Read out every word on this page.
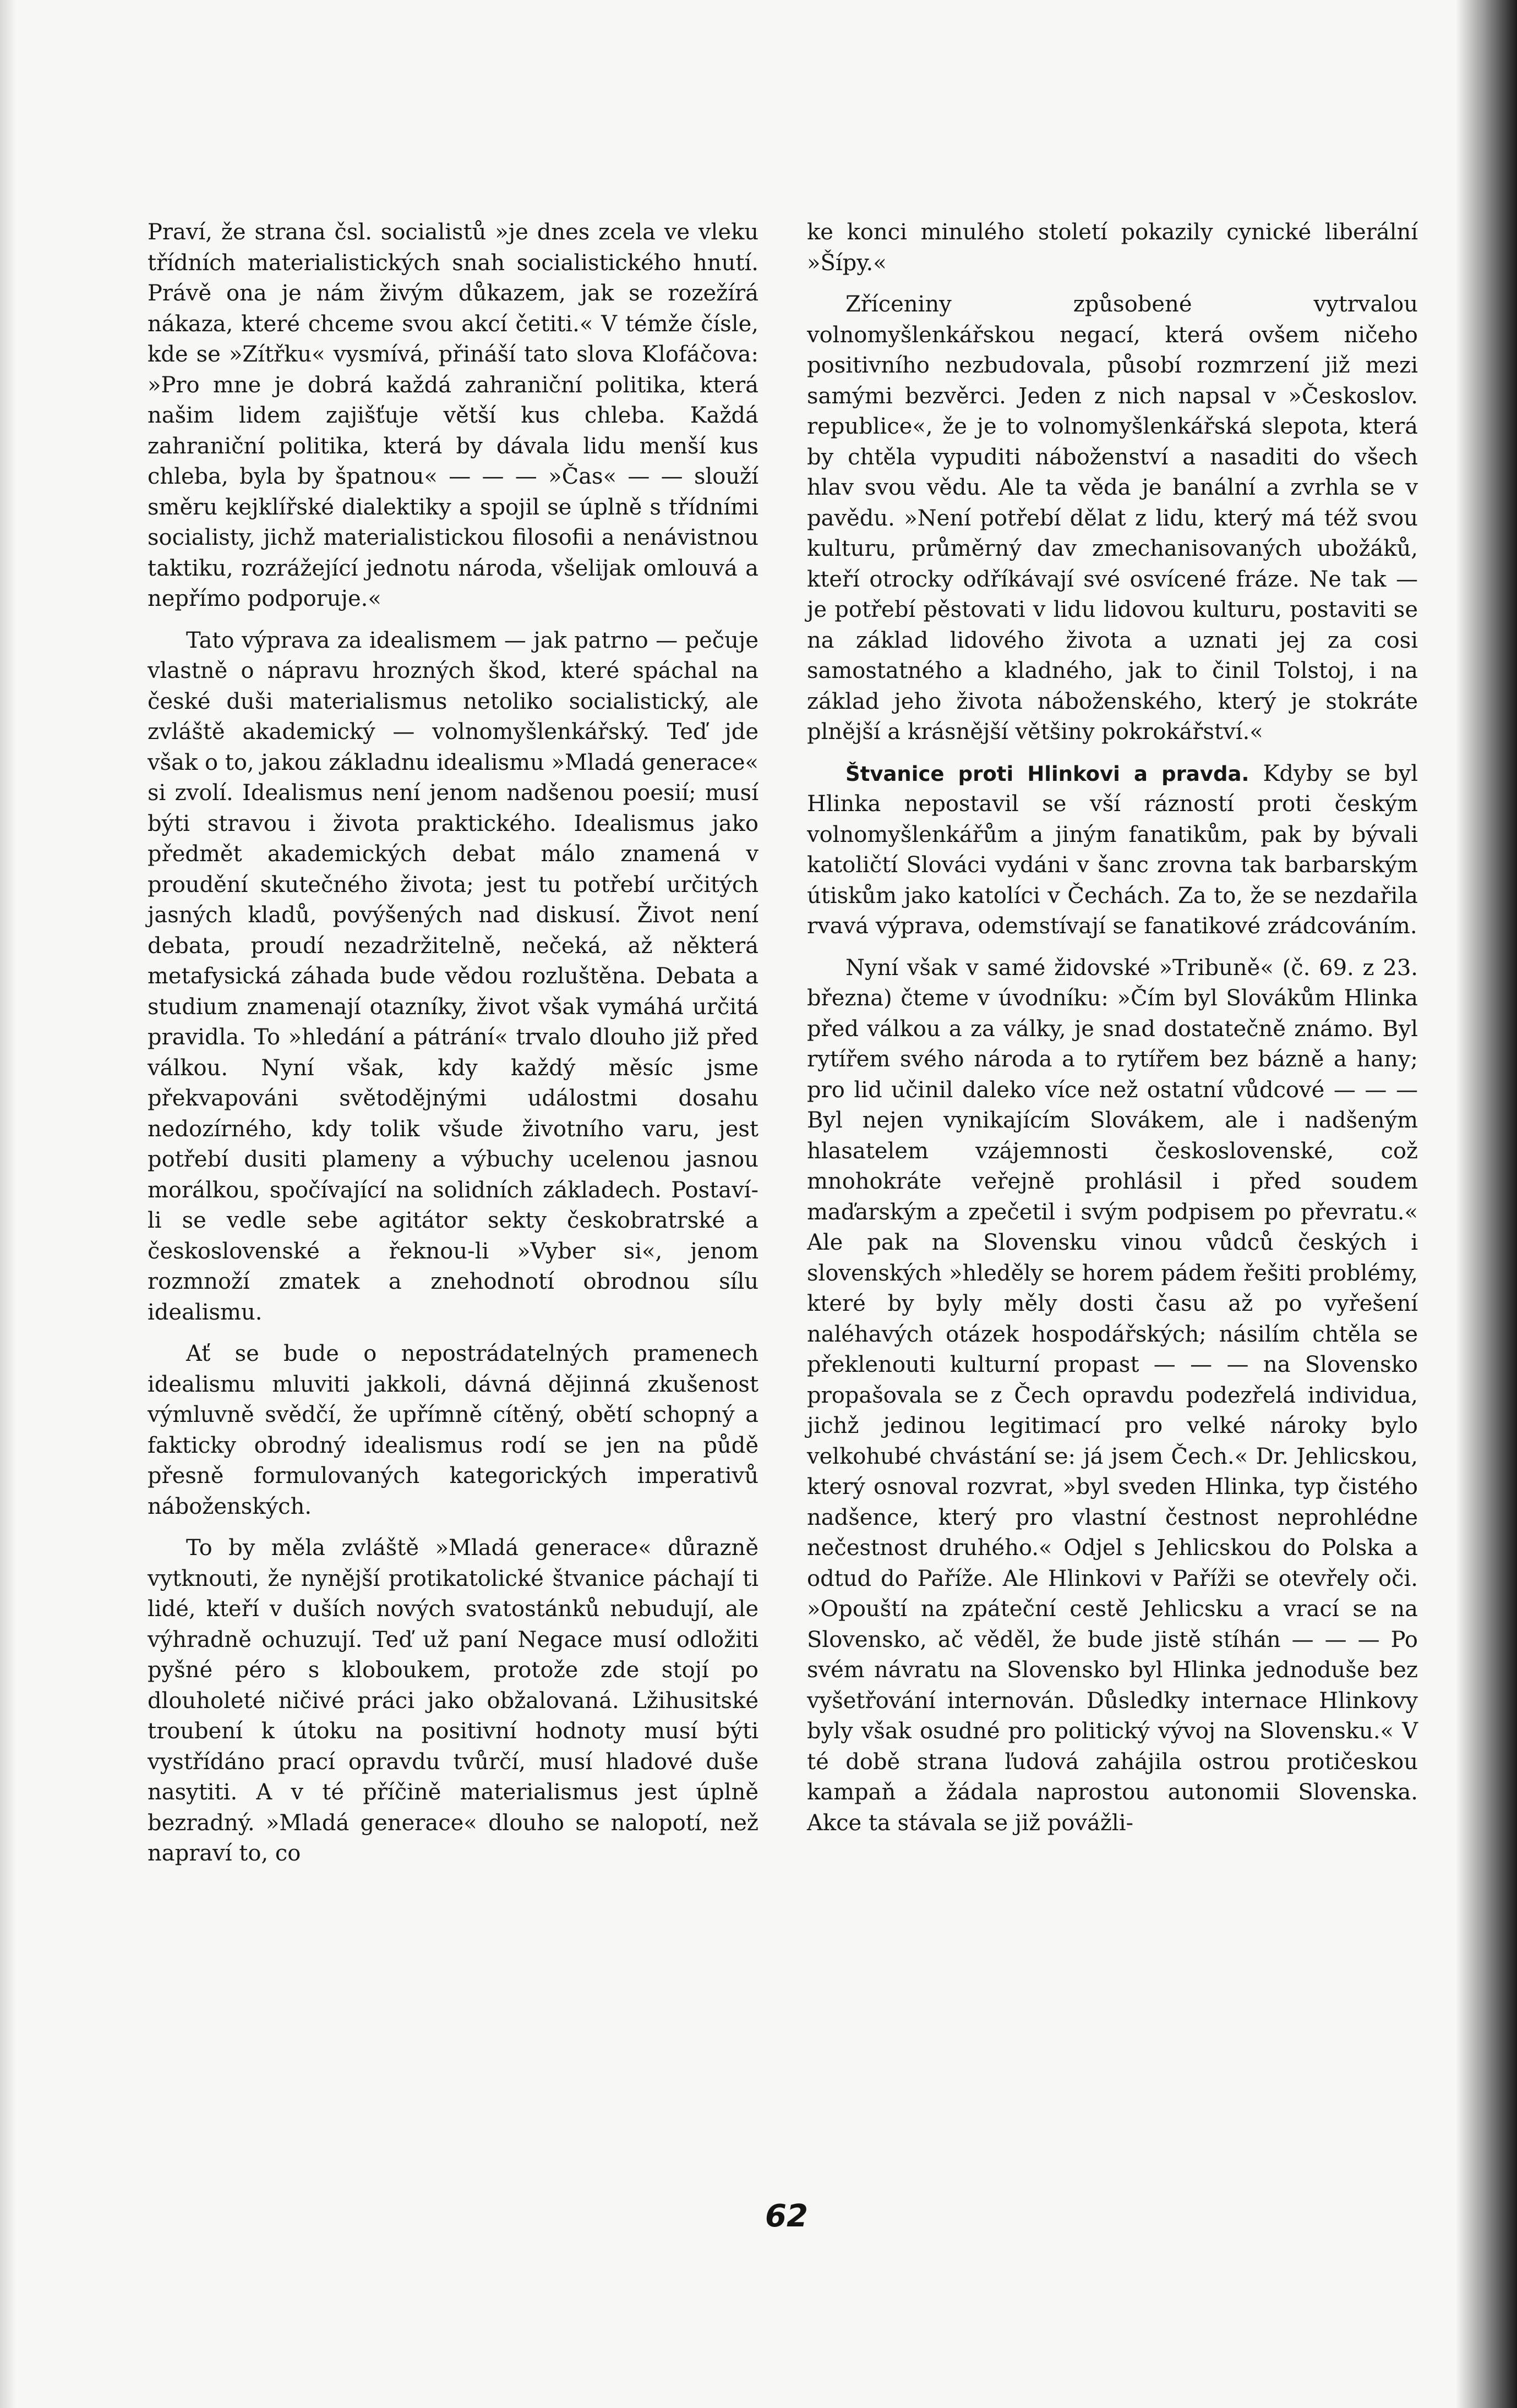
Praví, že strana čsl. socialistů »je dnes zcela ve vleku třídních materialistických snah socialistického hnutí. Právě ona je nám živým důkazem, jak se rozežírá nákaza, které chceme svou akcí četiti.« V témže čísle, kde se »Zítřku« vysmívá, přináší tato slova Klofáčova: »Pro mne je dobrá každá zahraniční politika, která našim lidem zajišťuje větší kus chleba. Každá zahraniční politika, která by dávala lidu menší kus chleba, byla by špatnou« — — — »Čas« — — slouží směru kejklířské dialektiky a spojil se úplně s třídními socialisty, jichž materialistickou filosofii a nenávistnou taktiku, rozrážející jednotu národa, všelijak omlouvá a nepřímo podporuje.«

Tato výprava za idealismem — jak patrno — pečuje vlastně o nápravu hrozných škod, které spáchal na české duši materialismus netoliko socialistický, ale zvláště akademický — volnomyšlenkářský. Teď jde však o to, jakou základnu idealismu »Mladá generace« si zvolí. Idealismus není jenom nadšenou poesií; musí býti stravou i života praktického. Idealismus jako předmět akademických debat málo znamená v proudění skutečného života; jest tu potřebí určitých jasných kladů, povýšených nad diskusí. Život není debata, proudí nezadržitelně, nečeká, až některá metafysická záhada bude vědou rozluštěna. Debata a studium znamenají otazníky, život však vymáhá určitá pravidla. To »hledání a pátrání« trvalo dlouho již před válkou. Nyní však, kdy každý měsíc jsme překvapováni světodějnými událostmi dosahu nedozírného, kdy tolik všude životního varu, jest potřebí dusiti plameny a výbuchy ucelenou jasnou morálkou, spočívající na solidních základech. Postaví-li se vedle sebe agitátor sekty českobratrské a československé a řeknou-li »Vyber si«, jenom rozmnoží zmatek a znehodnotí obrodnou sílu idealismu.

Ať se bude o nepostrádatelných pramenech idealismu mluviti jakkoli, dávná dějinná zkušenost výmluvně svědčí, že upřímně cítěný, obětí schopný a fakticky obrodný idealismus rodí se jen na půdě přesně formulovaných kategorických imperativů náboženských.

To by měla zvláště »Mladá generace« důrazně vytknouti, že nynější protikatolické štvanice páchají ti lidé, kteří v duších nových svatostánků nebudují, ale výhradně ochuzují. Teď už paní Negace musí odložiti pyšné péro s kloboukem, protože zde stojí po dlouholeté ničivé práci jako obžalovaná. Lžihusitské troubení k útoku na positivní hodnoty musí býti vystřídáno prací opravdu tvůrčí, musí hladové duše nasytiti. A v té příčině materialismus jest úplně bezradný. »Mladá generace« dlouho se nalopotí, než napraví to, co

ke konci minulého století pokazily cynické liberální »Šípy.«

Zříceniny způsobené vytrvalou volnomyšlenkářskou negací, která ovšem ničeho positivního nezbudovala, působí rozmrzení již mezi samými bezvěrci. Jeden z nich napsal v »Českoslov. republice«, že je to volnomyšlenkářská slepota, která by chtěla vypuditi náboženství a nasaditi do všech hlav svou vědu. Ale ta věda je banální a zvrhla se v pavědu. »Není potřebí dělat z lidu, který má též svou kulturu, průměrný dav zmechanisovaných ubožáků, kteří otrocky odříkávají své osvícené fráze. Ne tak — je potřebí pěstovati v lidu lidovou kulturu, postaviti se na základ lidového života a uznati jej za cosi samostatného a kladného, jak to činil Tolstoj, i na základ jeho života náboženského, který je stokráte plnější a krásnější většiny pokrokářství.«

Štvanice proti Hlinkovi a pravda. Kdyby se byl Hlinka nepostavil se vší rázností proti českým volnomyšlenkářům a jiným fanatikům, pak by bývali katoličtí Slováci vydáni v šanc zrovna tak barbarským útiskům jako katolíci v Čechách. Za to, že se nezdařila rvavá výprava, odemstívají se fanatikové zrádcováním.

Nyní však v samé židovské »Tribuně« (č. 69. z 23. března) čteme v úvodníku: »Čím byl Slovákům Hlinka před válkou a za války, je snad dostatečně známo. Byl rytířem svého národa a to rytířem bez bázně a hany; pro lid učinil daleko více než ostatní vůdcové — — — Byl nejen vynikajícím Slovákem, ale i nadšeným hlasatelem vzájemnosti československé, což mnohokráte veřejně prohlásil i před soudem maďarským a zpečetil i svým podpisem po převratu.« Ale pak na Slovensku vinou vůdců českých i slovenských »hleděly se horem pádem řešiti problémy, které by byly měly dosti času až po vyřešení naléhavých otázek hospodářských; násilím chtěla se překlenouti kulturní propast — — — na Slovensko propašovala se z Čech opravdu podezřelá individua, jichž jedinou legitimací pro velké nároky bylo velkohubé chvástání se: já jsem Čech.« Dr. Jehlicskou, který osnoval rozvrat, »byl sveden Hlinka, typ čistého nadšence, který pro vlastní čestnost neprohlédne nečestnost druhého.« Odjel s Jehlicskou do Polska a odtud do Paříže. Ale Hlinkovi v Paříži se otevřely oči. »Opouští na zpáteční cestě Jehlicsku a vrací se na Slovensko, ač věděl, že bude jistě stíhán — — — Po svém návratu na Slovensko byl Hlinka jednoduše bez vyšetřování internován. Důsledky internace Hlinkovy byly však osudné pro politický vývoj na Slovensku.« V té době strana ľudová zahájila ostrou protičeskou kampaň a žádala naprostou autonomii Slovenska. Akce ta stávala se již povážli-

62
